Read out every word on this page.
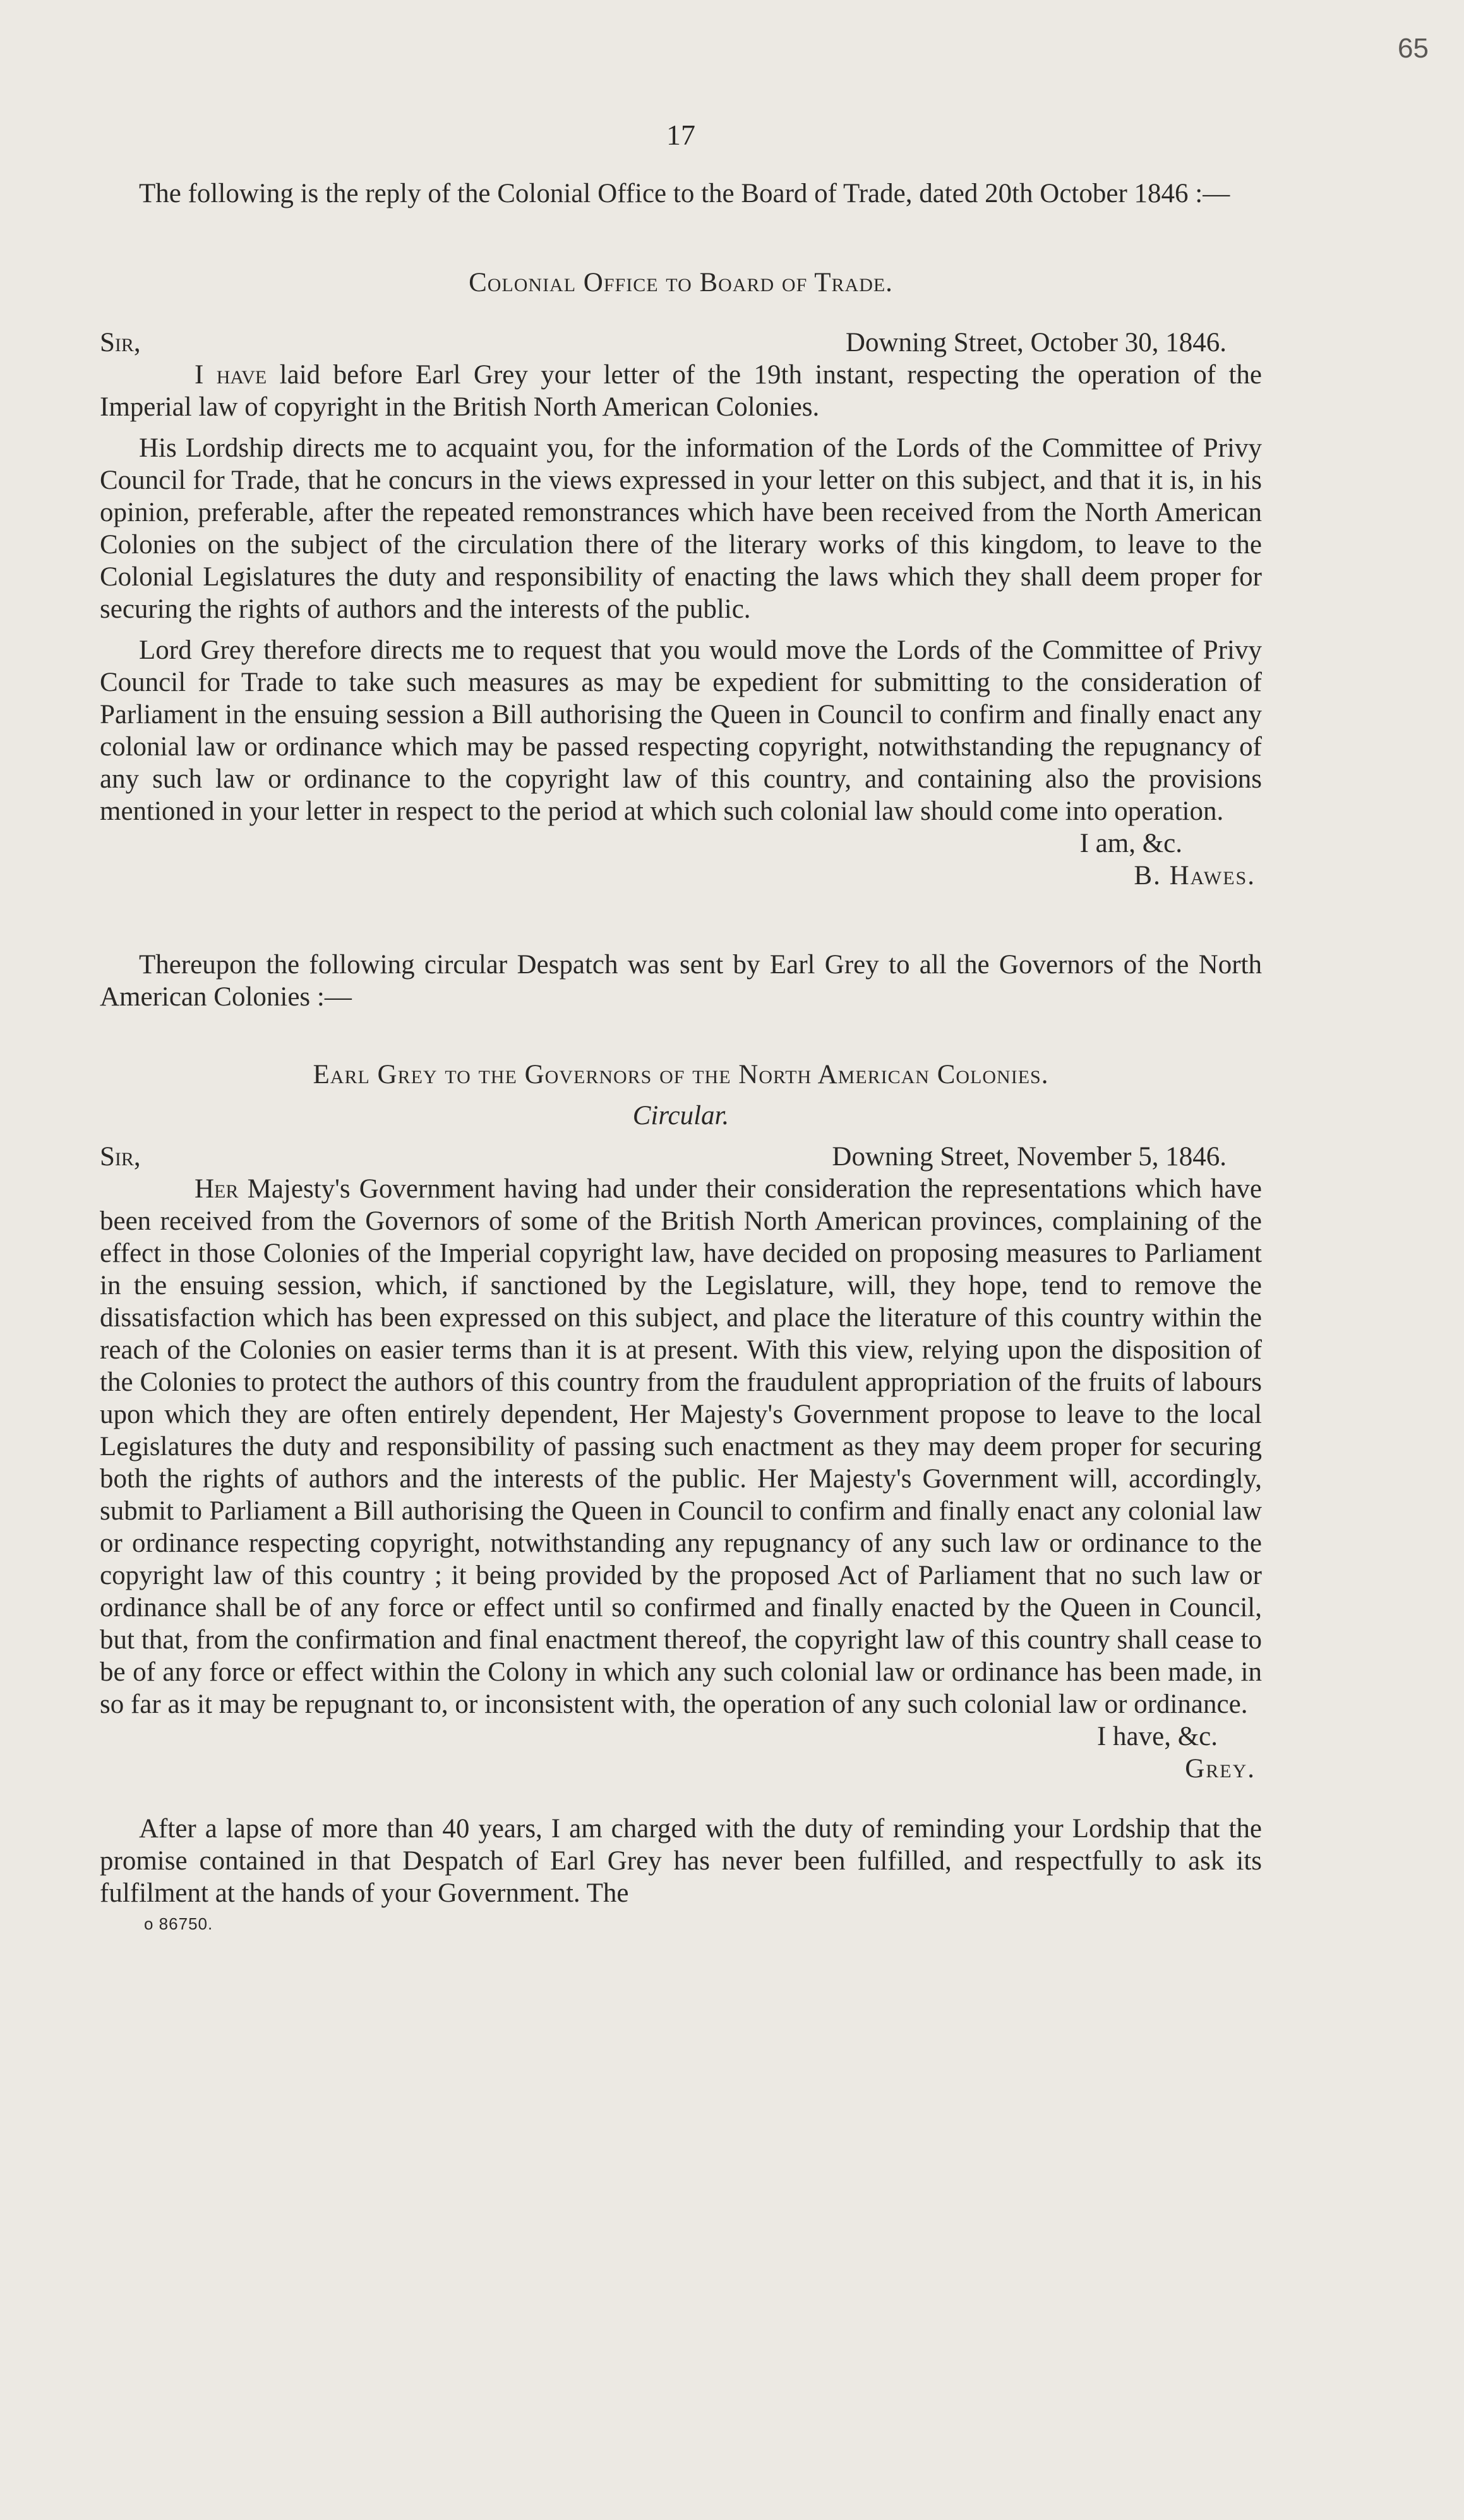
65
17

The following is the reply of the Colonial Office to the Board of Trade, dated 20th October 1846 :—

Colonial Office to Board of Trade.
Sir,	Downing Street, October 30, 1846.

I have laid before Earl Grey your letter of the 19th instant, respecting the operation of the Imperial law of copyright in the British North American Colonies.

His Lordship directs me to acquaint you, for the information of the Lords of the Committee of Privy Council for Trade, that he concurs in the views expressed in your letter on this subject, and that it is, in his opinion, preferable, after the repeated remonstrances which have been received from the North American Colonies on the subject of the circulation there of the literary works of this kingdom, to leave to the Colonial Legislatures the duty and responsibility of enacting the laws which they shall deem proper for securing the rights of authors and the interests of the public.

Lord Grey therefore directs me to request that you would move the Lords of the Committee of Privy Council for Trade to take such measures as may be expedient for submitting to the consideration of Parliament in the ensuing session a Bill authorising the Queen in Council to confirm and finally enact any colonial law or ordinance which may be passed respecting copyright, notwithstanding the repugnancy of any such law or ordinance to the copyright law of this country, and containing also the provisions mentioned in your letter in respect to the period at which such colonial law should come into operation.

I am, &c.
B. Hawes.

Thereupon the following circular Despatch was sent by Earl Grey to all the Governors of the North American Colonies :—

Earl Grey to the Governors of the North American Colonies.
Circular.
Sir,	Downing Street, November 5, 1846.

Her Majesty's Government having had under their consideration the representations which have been received from the Governors of some of the British North American provinces, complaining of the effect in those Colonies of the Imperial copyright law, have decided on proposing measures to Parliament in the ensuing session, which, if sanctioned by the Legislature, will, they hope, tend to remove the dissatisfaction which has been expressed on this subject, and place the literature of this country within the reach of the Colonies on easier terms than it is at present. With this view, relying upon the disposition of the Colonies to protect the authors of this country from the fraudulent appropriation of the fruits of labours upon which they are often entirely dependent, Her Majesty's Government propose to leave to the local Legislatures the duty and responsibility of passing such enactment as they may deem proper for securing both the rights of authors and the interests of the public. Her Majesty's Government will, accordingly, submit to Parliament a Bill authorising the Queen in Council to confirm and finally enact any colonial law or ordinance respecting copyright, notwithstanding any repugnancy of any such law or ordinance to the copyright law of this country ; it being provided by the proposed Act of Parliament that no such law or ordinance shall be of any force or effect until so confirmed and finally enacted by the Queen in Council, but that, from the confirmation and final enactment thereof, the copyright law of this country shall cease to be of any force or effect within the Colony in which any such colonial law or ordinance has been made, in so far as it may be repugnant to, or inconsistent with, the operation of any such colonial law or ordinance.

I have, &c.
Grey.

After a lapse of more than 40 years, I am charged with the duty of reminding your Lordship that the promise contained in that Despatch of Earl Grey has never been fulfilled, and respectfully to ask its fulfilment at the hands of your Government. The

o 86750.
